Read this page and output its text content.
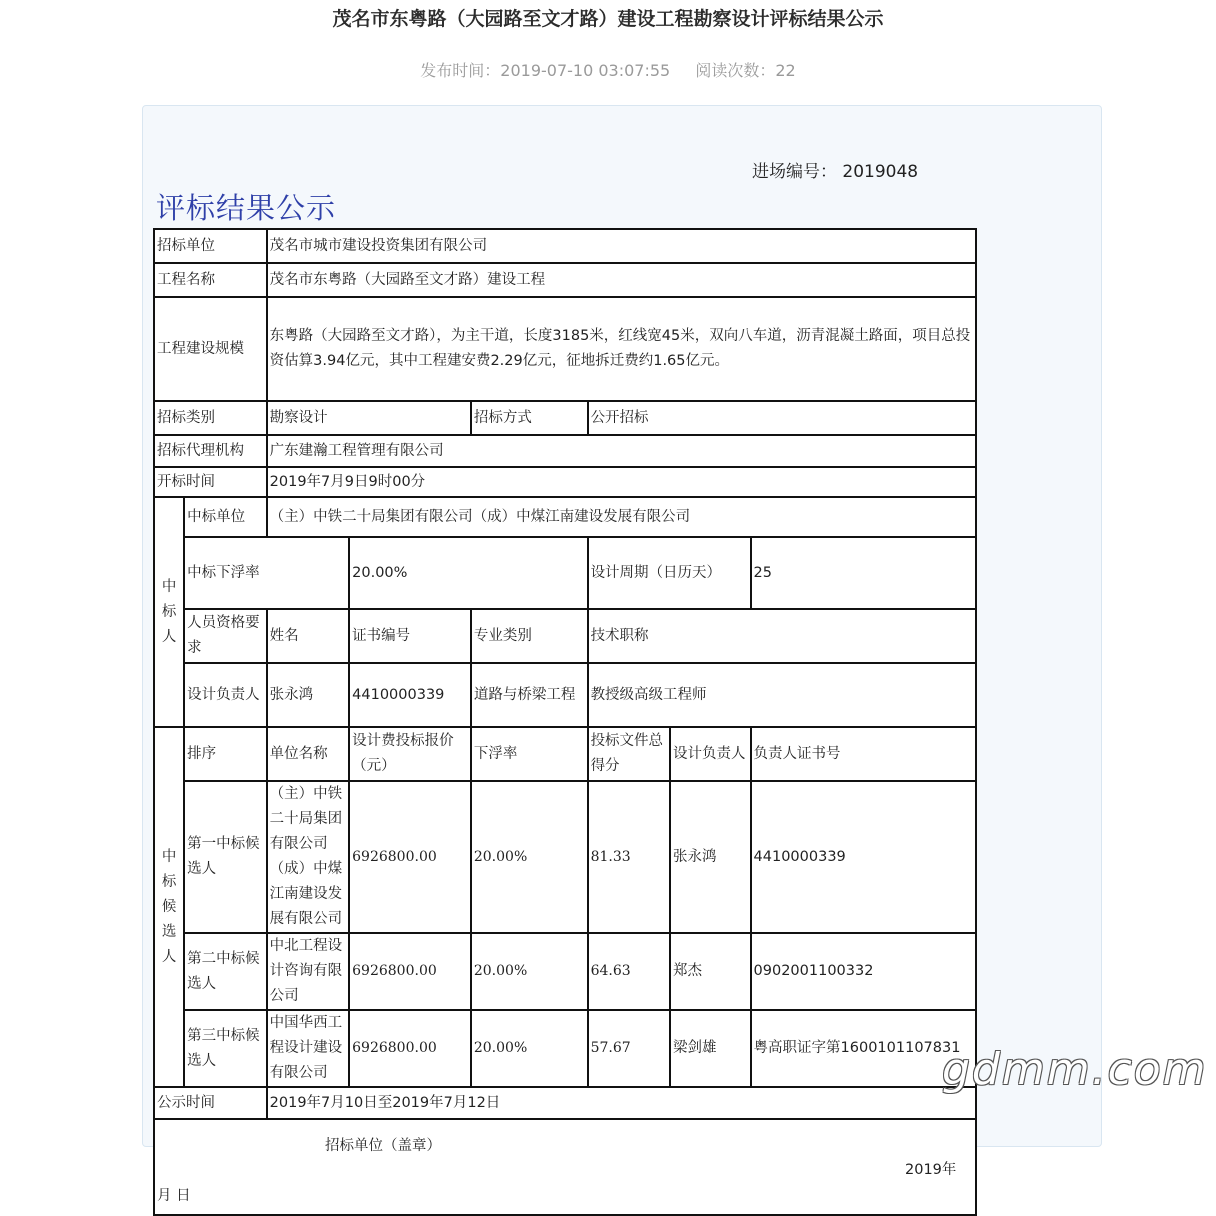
茂名市东粤路（大园路至文才路）建设工程勘察设计评标结果公示
发布时间：2019-07-10 03:07:55 阅读次数：22
进场编号： 2019048
评标结果公示
招标单位		茂名市城市建设投资集团有限公司					
工程名称		茂名市东粤路（大园路至文才路）建设工程					
工程建设规模		东粤路（大园路至文才路），为主干道，长度3185米，红线宽45米，双向八车道，沥青混凝土路面，项目总投资估算3.94亿元，其中工程建安费2.29亿元，征地拆迁费约1.65亿元。					
招标类别		勘察设计		招标方式	公开招标		
招标代理机构		广东建瀚工程管理有限公司					
开标时间		2019年7月9日9时00分					

中
标
人	中标单位	（主）中铁二十局集团有限公司（成）中煤江南建设发展有限公司					
	中标下浮率		20.00%		设计周期（日历天）		25
	人员资格要求	姓名	证书编号	专业类别	技术职称		
	设计负责人	张永鸿	4410000339	道路与桥梁工程	教授级高级工程师		

中
标
候
选
人	排序	单位名称	设计费投标报价（元）	下浮率	投标文件总得分	设计负责人	负责人证书号
	第一中标候选人	（主）中铁二十局集团有限公司（成）中煤江南建设发展有限公司	6926800.00	20.00%	81.33	张永鸿	4410000339
	第二中标候选人	中北工程设计咨询有限公司	6926800.00	20.00%	64.63	郑杰	0902001100332
	第三中标候选人	中国华西工程设计建设有限公司	6926800.00	20.00%	57.67	梁剑雄	粤高职证字第1600101107831
公示时间		2019年7月10日至2019年7月12日					

招标单位（盖章）
2019年
月 日							
gdmm.com
